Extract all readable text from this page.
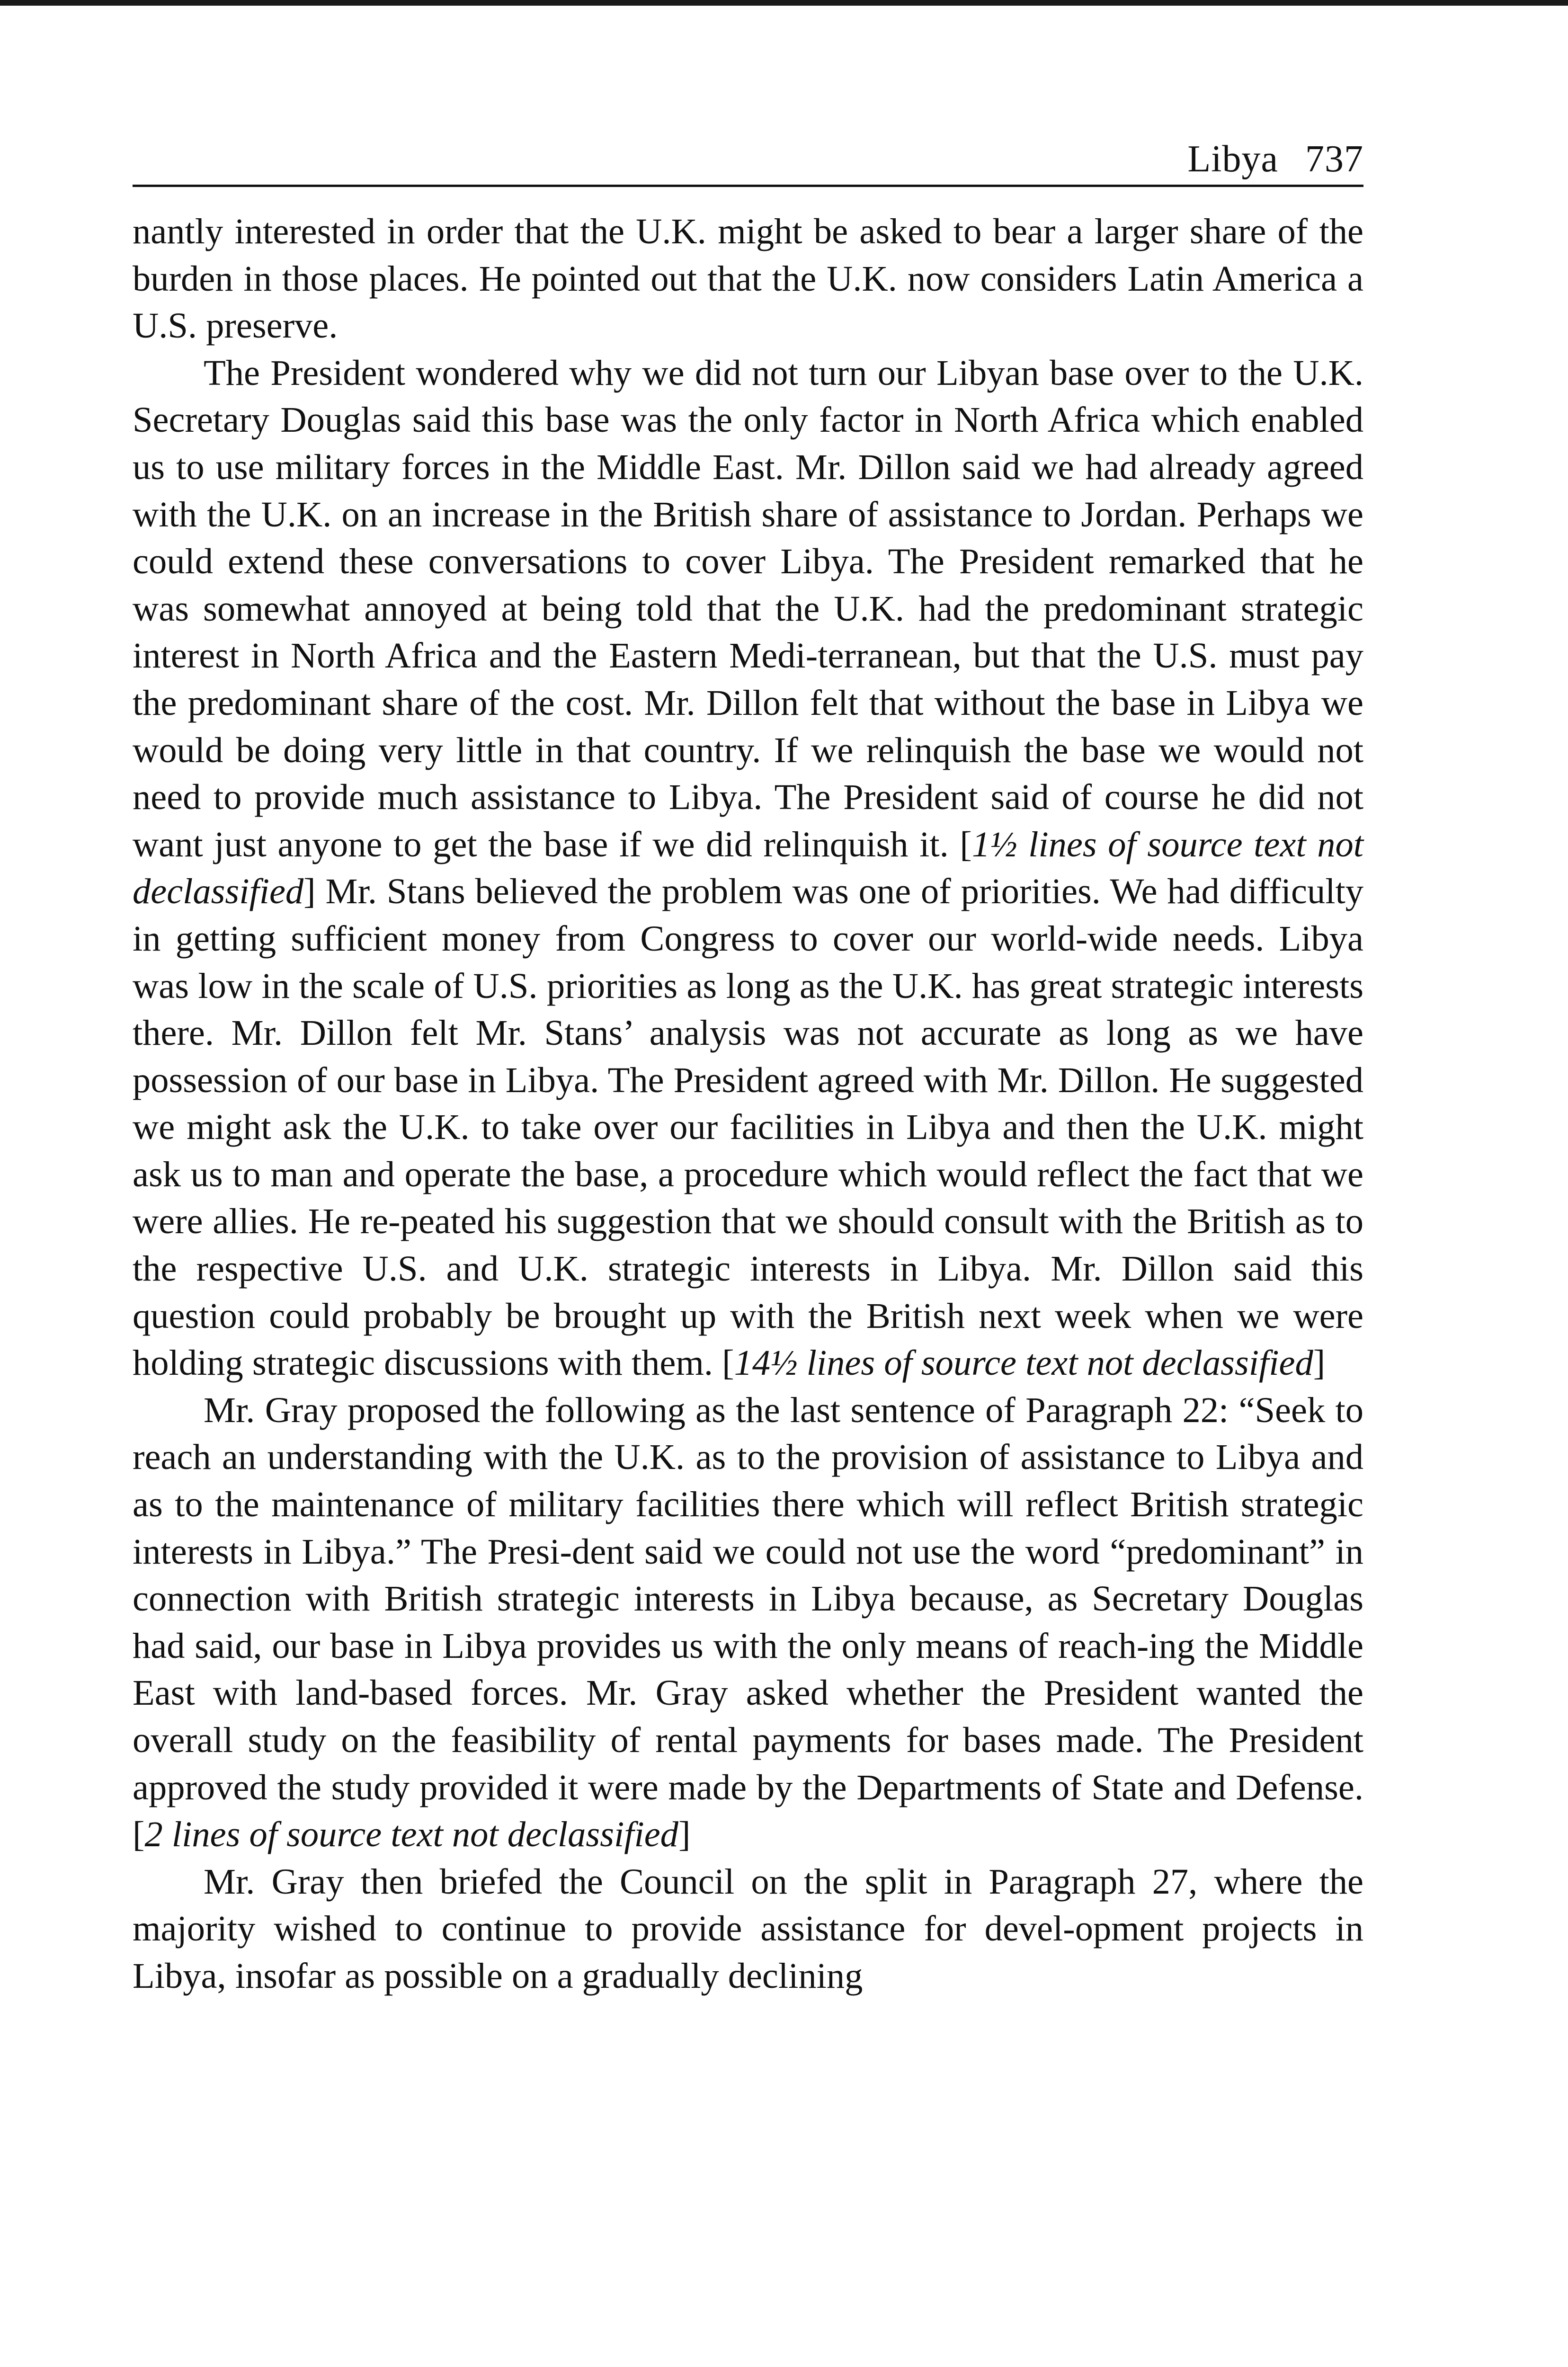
Libya 737

nantly interested in order that the U.K. might be asked to bear a larger share of the burden in those places. He pointed out that the U.K. now considers Latin America a U.S. preserve.

The President wondered why we did not turn our Libyan base over to the U.K. Secretary Douglas said this base was the only factor in North Africa which enabled us to use military forces in the Middle East. Mr. Dillon said we had already agreed with the U.K. on an increase in the British share of assistance to Jordan. Perhaps we could extend these conversations to cover Libya. The President remarked that he was somewhat annoyed at being told that the U.K. had the predominant strategic interest in North Africa and the Eastern Medi-terranean, but that the U.S. must pay the predominant share of the cost. Mr. Dillon felt that without the base in Libya we would be doing very little in that country. If we relinquish the base we would not need to provide much assistance to Libya. The President said of course he did not want just anyone to get the base if we did relinquish it. [1½ lines of source text not declassified] Mr. Stans believed the problem was one of priorities. We had difficulty in getting sufficient money from Congress to cover our world-wide needs. Libya was low in the scale of U.S. priorities as long as the U.K. has great strategic interests there. Mr. Dillon felt Mr. Stans’ analysis was not accurate as long as we have possession of our base in Libya. The President agreed with Mr. Dillon. He suggested we might ask the U.K. to take over our facilities in Libya and then the U.K. might ask us to man and operate the base, a procedure which would reflect the fact that we were allies. He re-peated his suggestion that we should consult with the British as to the respective U.S. and U.K. strategic interests in Libya. Mr. Dillon said this question could probably be brought up with the British next week when we were holding strategic discussions with them. [14½ lines of source text not declassified]

Mr. Gray proposed the following as the last sentence of Paragraph 22: “Seek to reach an understanding with the U.K. as to the provision of assistance to Libya and as to the maintenance of military facilities there which will reflect British strategic interests in Libya.” The Presi-dent said we could not use the word “predominant” in connection with British strategic interests in Libya because, as Secretary Douglas had said, our base in Libya provides us with the only means of reach-ing the Middle East with land-based forces. Mr. Gray asked whether the President wanted the overall study on the feasibility of rental payments for bases made. The President approved the study provided it were made by the Departments of State and Defense. [2 lines of source text not declassified]

Mr. Gray then briefed the Council on the split in Paragraph 27, where the majority wished to continue to provide assistance for devel-opment projects in Libya, insofar as possible on a gradually declining
